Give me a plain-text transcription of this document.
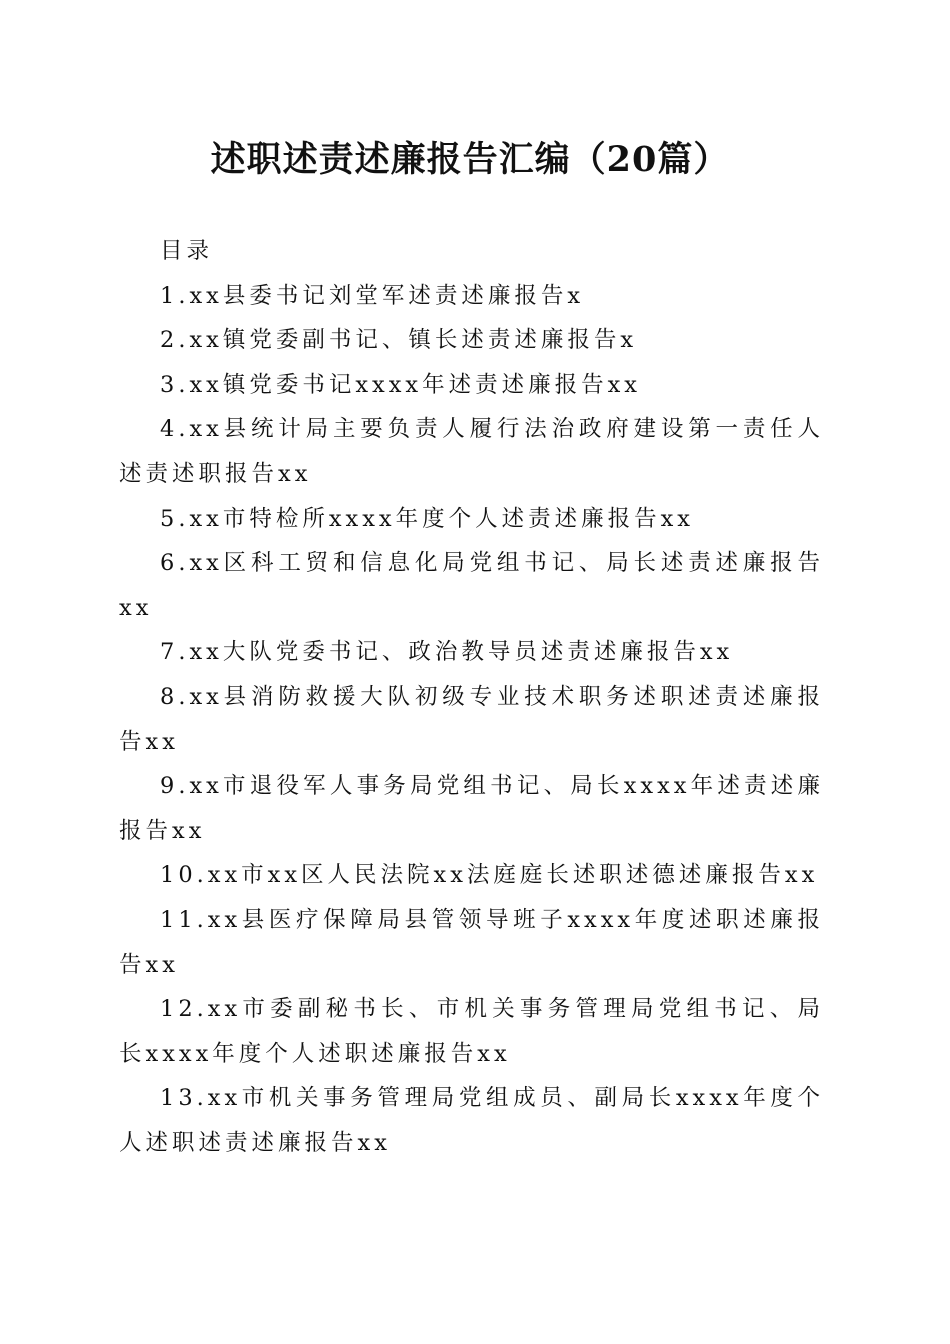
述职述责述廉报告汇编（20篇）
目录
1.xx县委书记刘堂军述责述廉报告x
2.xx镇党委副书记、镇长述责述廉报告x
3.xx镇党委书记xxxx年述责述廉报告xx
4.xx县统计局主要负责人履行法治政府建设第一责任人述责述职报告xx
5.xx市特检所xxxx年度个人述责述廉报告xx
6.xx区科工贸和信息化局党组书记、局长述责述廉报告xx
7.xx大队党委书记、政治教导员述责述廉报告xx
8.xx县消防救援大队初级专业技术职务述职述责述廉报告xx
9.xx市退役军人事务局党组书记、局长xxxx年述责述廉报告xx
10.xx市xx区人民法院xx法庭庭长述职述德述廉报告xx
11.xx县医疗保障局县管领导班子xxxx年度述职述廉报告xx
12.xx市委副秘书长、市机关事务管理局党组书记、局长xxxx年度个人述职述廉报告xx
13.xx市机关事务管理局党组成员、副局长xxxx年度个人述职述责述廉报告xx
